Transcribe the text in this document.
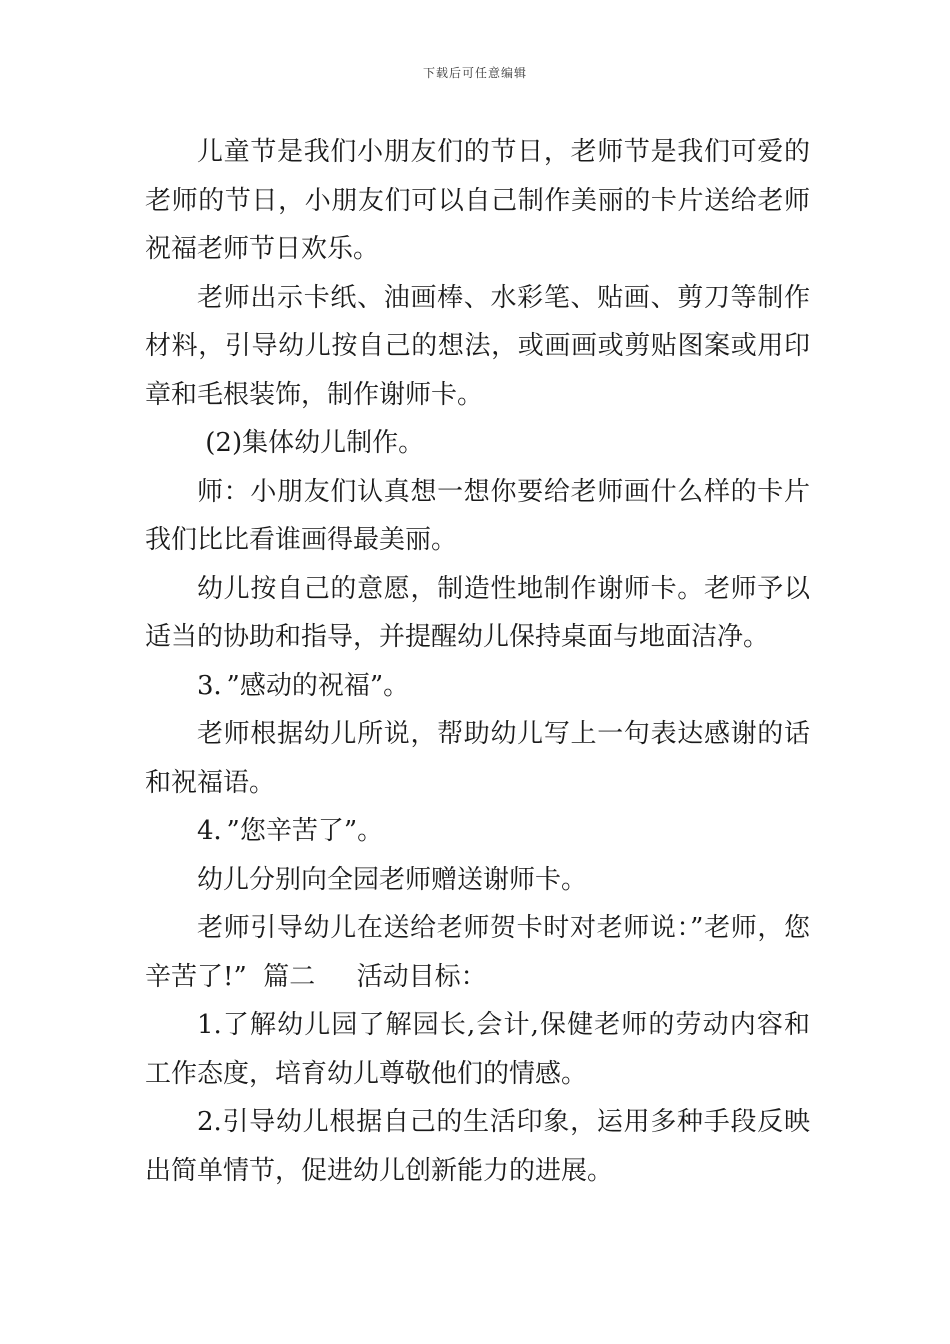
下载后可任意编辑

儿童节是我们小朋友们的节日，老师节是我们可爱的老师的节日，小朋友们可以自己制作美丽的卡片送给老师祝福老师节日欢乐。

老师出示卡纸、油画棒、水彩笔、贴画、剪刀等制作材料，引导幼儿按自己的想法，或画画或剪贴图案或用印章和毛根装饰，制作谢师卡。

(2)集体幼儿制作。

师：小朋友们认真想一想你要给老师画什么样的卡片我们比比看谁画得最美丽。

幼儿按自己的意愿，制造性地制作谢师卡。老师予以适当的协助和指导，并提醒幼儿保持桌面与地面洁净。

3．”感动的祝福”。

老师根据幼儿所说，帮助幼儿写上一句表达感谢的话和祝福语。

4．”您辛苦了”。

幼儿分别向全园老师赠送谢师卡。

老师引导幼儿在送给老师贺卡时对老师说：”老师，您辛苦了!”  篇二     活动目标：

1.了解幼儿园了解园长,会计,保健老师的劳动内容和工作态度，培育幼儿尊敬他们的情感。

2.引导幼儿根据自己的生活印象，运用多种手段反映出简单情节，促进幼儿创新能力的进展。
